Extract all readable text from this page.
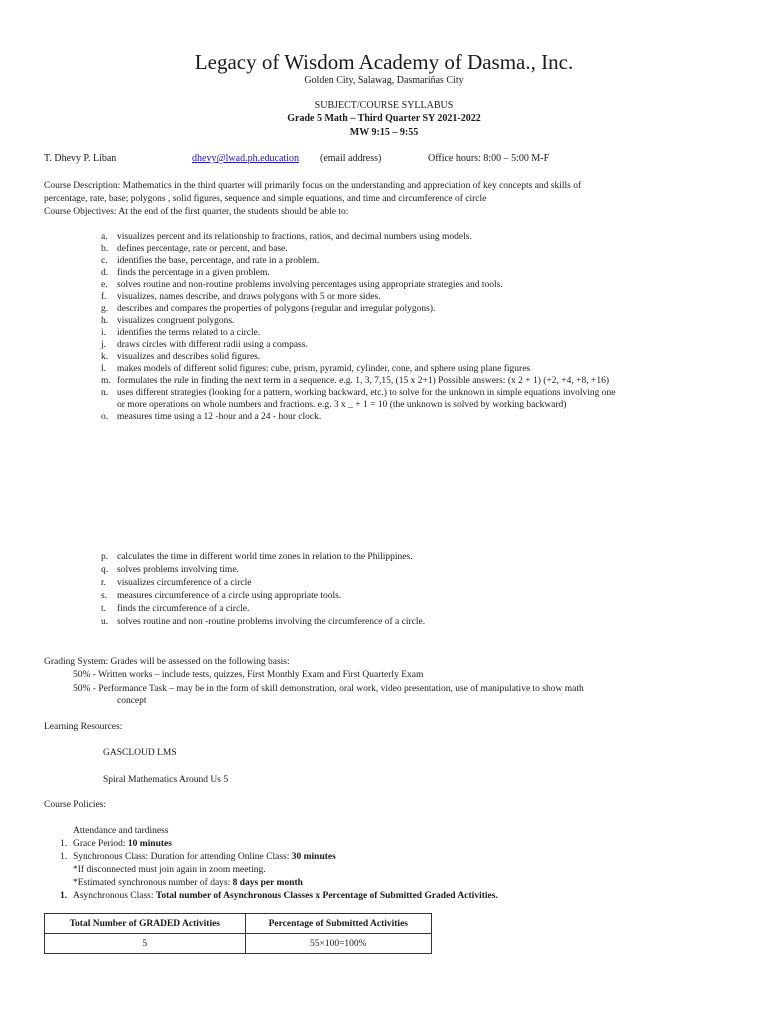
Legacy of Wisdom Academy of Dasma., Inc.
Golden City, Salawag, Dasmariñas City
SUBJECT/COURSE SYLLABUS
Grade 5 Math – Third Quarter SY 2021-2022
MW 9:15 – 9:55
T. Dhevy P. Liban	dhevy@lwad.ph.education (email address)	Office hours: 8:00 – 5:00 M-F
Course Description: Mathematics in the third quarter will primarily focus on the understanding and appreciation of key concepts and skills of
percentage, rate, base; polygons , solid figures, sequence and simple equations, and time and circumference of circle
Course Objectives: At the end of the first quarter, the students should be able to:
a. visualizes percent and its relationship to fractions, ratios, and decimal numbers using models.
b. defines percentage, rate or percent, and base.
c. identifies the base, percentage, and rate in a problem.
d. finds the percentage in a given problem.
e. solves routine and non-routine problems involving percentages using appropriate strategies and tools.
f. visualizes, names describe, and draws polygons with 5 or more sides.
g. describes and compares the properties of polygons (regular and irregular polygons).
h. visualizes congruent polygons.
i. identifies the terms related to a circle.
j. draws circles with different radii using a compass.
k. visualizes and describes solid figures.
l. makes models of different solid figures: cube, prism, pyramid, cylinder, cone, and sphere using plane figures
m. formulates the rule in finding the next term in a sequence. e.g. 1, 3, 7,15, (15 x 2+1) Possible answers: (x 2 + 1) (+2, +4, +8, +16)
n. uses different strategies (looking for a pattern, working backward, etc.) to solve for the unknown in simple equations involving one
or more operations on whole numbers and fractions. e.g. 3 x _ + 1 = 10 (the unknown is solved by working backward)
o. measures time using a 12 -hour and a 24 - hour clock.
p. calculates the time in different world time zones in relation to the Philippines.
q. solves problems involving time.
r. visualizes circumference of a circle
s. measures circumference of a circle using appropriate tools.
t. finds the circumference of a circle.
u. solves routine and non -routine problems involving the circumference of a circle.
Grading System: Grades will be assessed on the following basis:
50% - Written works – include tests, quizzes, First Monthly Exam and First Quarterly Exam
50% - Performance Task – may be in the form of skill demonstration, oral work, video presentation, use of manipulative to show math
concept
Learning Resources:
GASCLOUD LMS
Spiral Mathematics Around Us 5
Course Policies:
Attendance and tardiness
1. Grace Period: 10 minutes
1. Synchronous Class: Duration for attending Online Class: 30 minutes
*If disconnected must join again in zoom meeting.
*Estimated synchronous number of days: 8 days per month
1. Asynchronous Class: Total number of Asynchronous Classes x Percentage of Submitted Graded Activities.
Total Number of GRADED Activities	Percentage of Submitted Activities
5	55×100=100%
